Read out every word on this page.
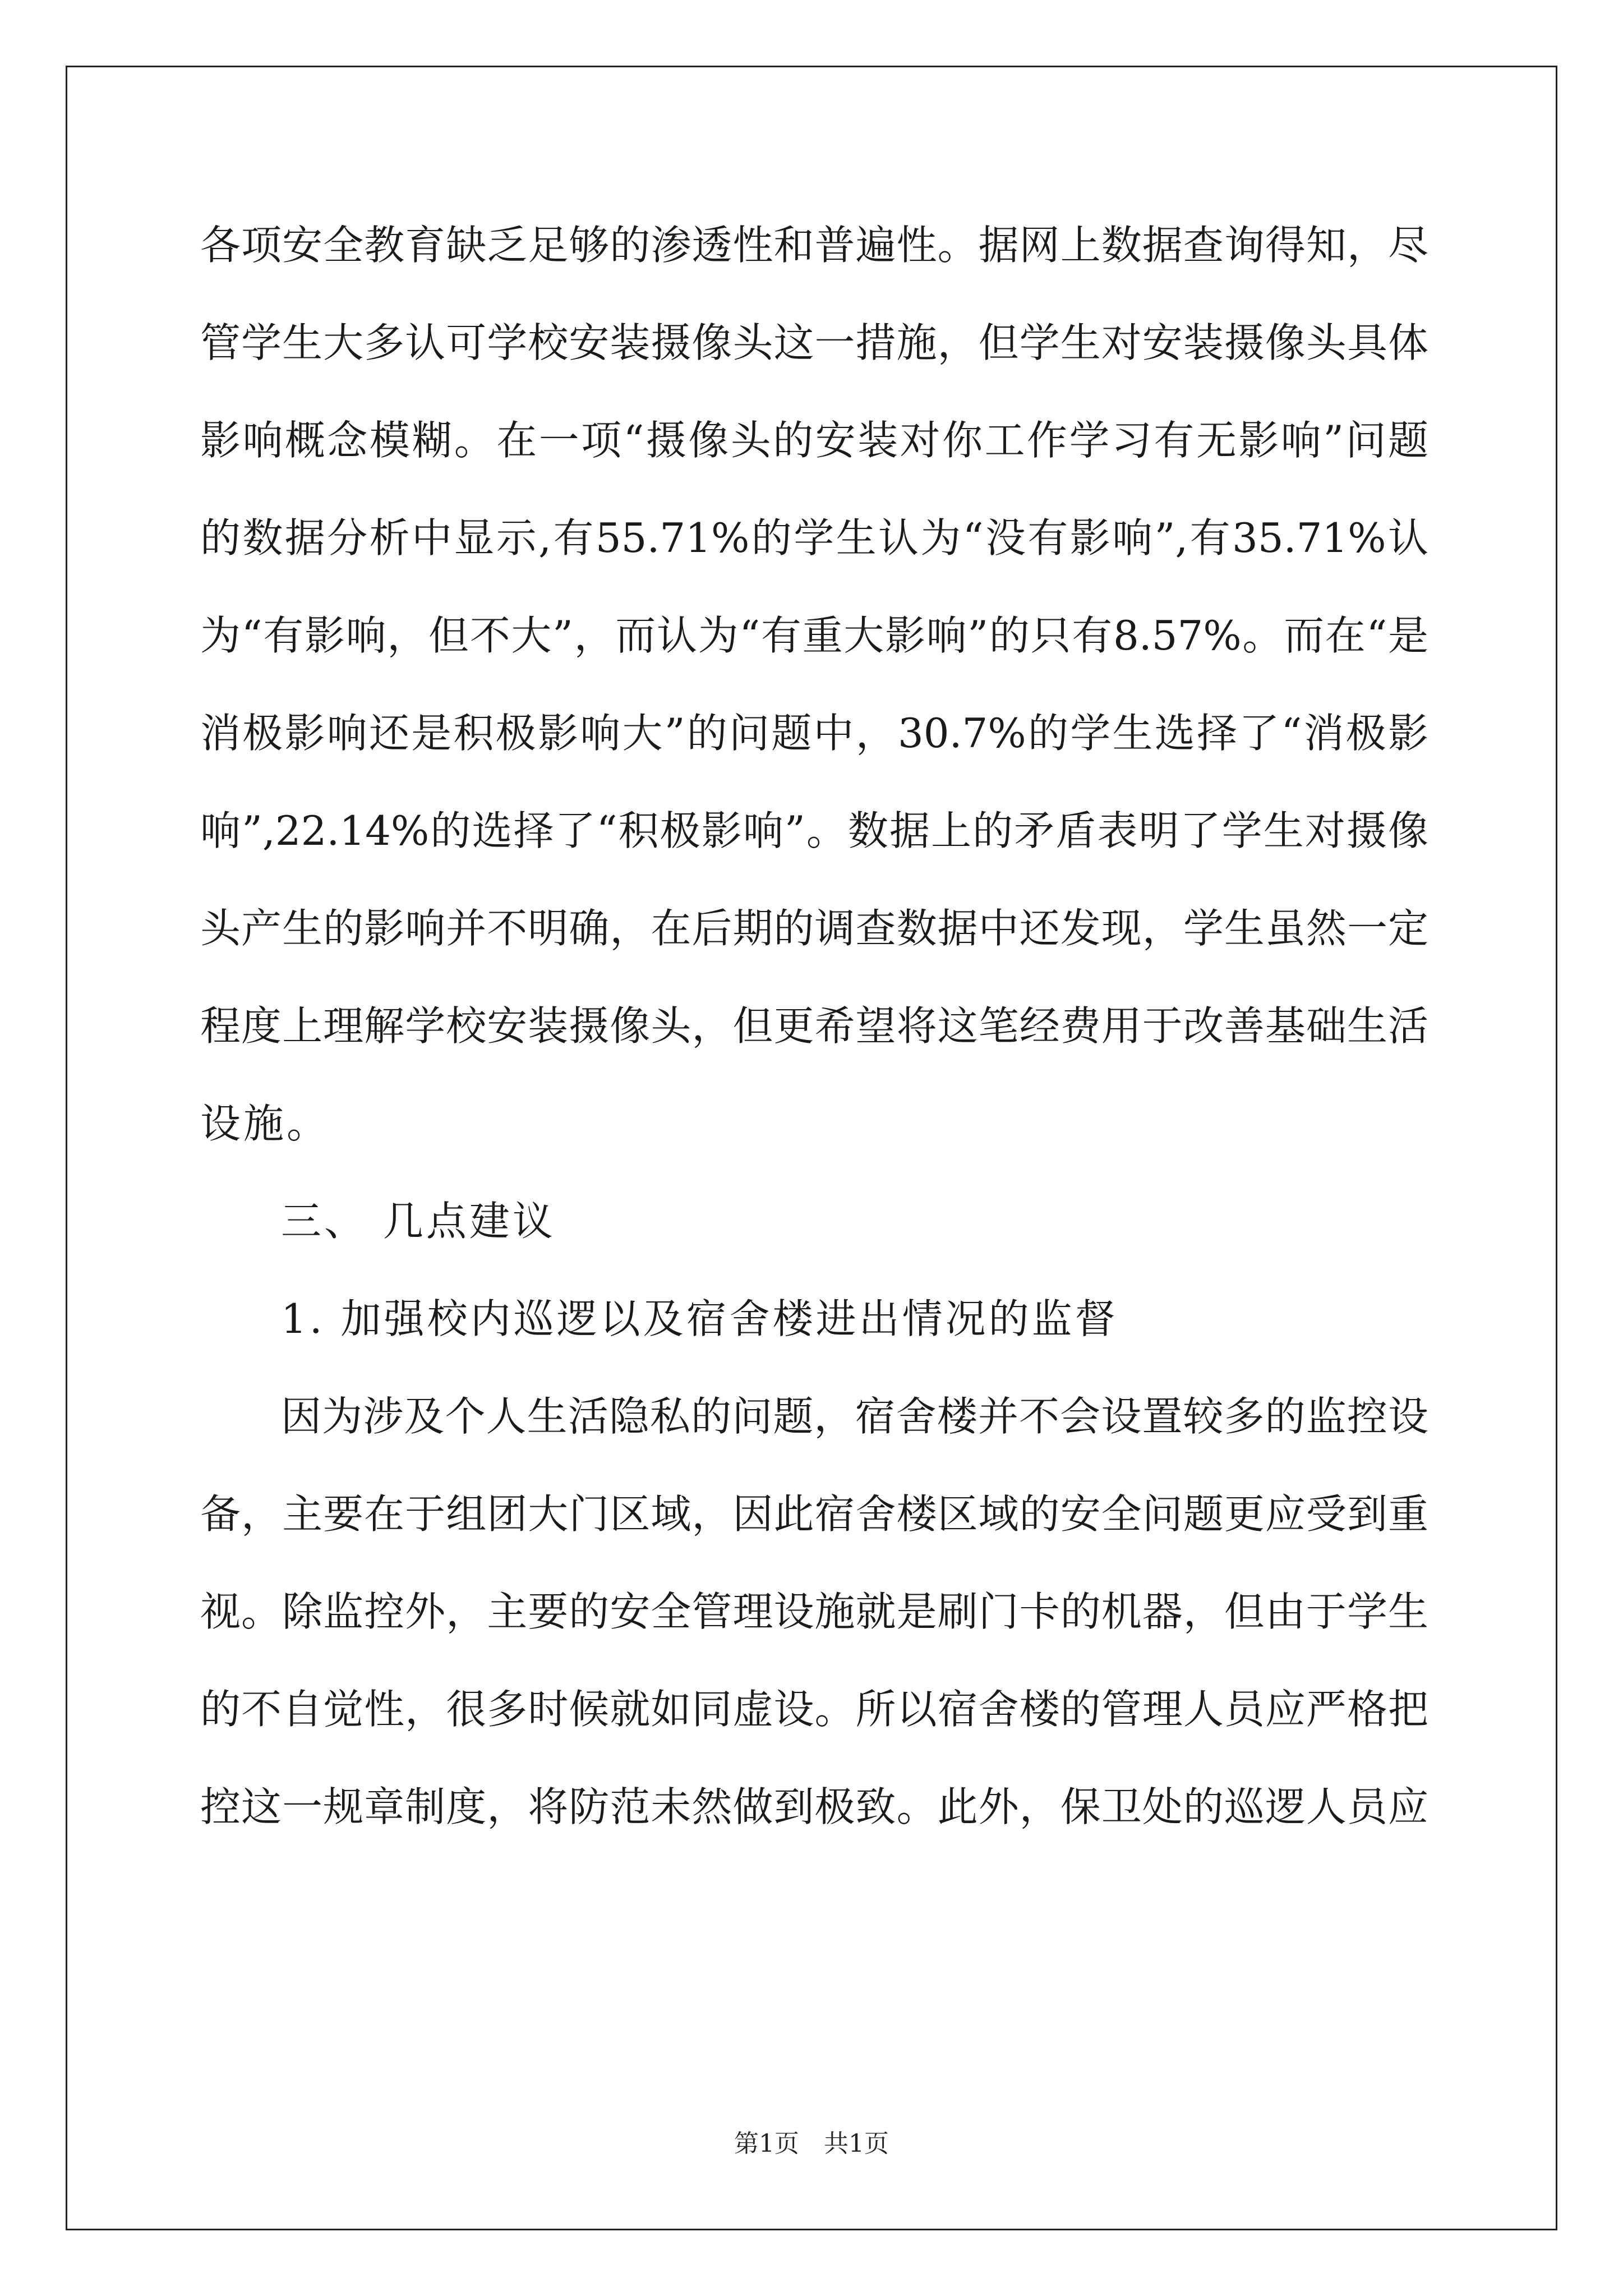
各项安全教育缺乏足够的渗透性和普遍性。据网上数据查询得知，尽
管学生大多认可学校安装摄像头这一措施，但学生对安装摄像头具体
影响概念模糊。在一项“摄像头的安装对你工作学习有无影响”问题
的数据分析中显示,有55.71%的学生认为“没有影响”,有35.71%认
为“有影响，但不大”，而认为“有重大影响”的只有8.57%。而在“是
消极影响还是积极影响大”的问题中，30.7%的学生选择了“消极影
响”,22.14%的选择了“积极影响”。数据上的矛盾表明了学生对摄像
头产生的影响并不明确，在后期的调查数据中还发现，学生虽然一定
程度上理解学校安装摄像头，但更希望将这笔经费用于改善基础生活
设施。
三、 几点建议
1. 加强校内巡逻以及宿舍楼进出情况的监督
因为涉及个人生活隐私的问题，宿舍楼并不会设置较多的监控设
备，主要在于组团大门区域，因此宿舍楼区域的安全问题更应受到重
视。除监控外，主要的安全管理设施就是刷门卡的机器，但由于学生
的不自觉性，很多时候就如同虚设。所以宿舍楼的管理人员应严格把
控这一规章制度，将防范未然做到极致。此外，保卫处的巡逻人员应
第1页　共1页
